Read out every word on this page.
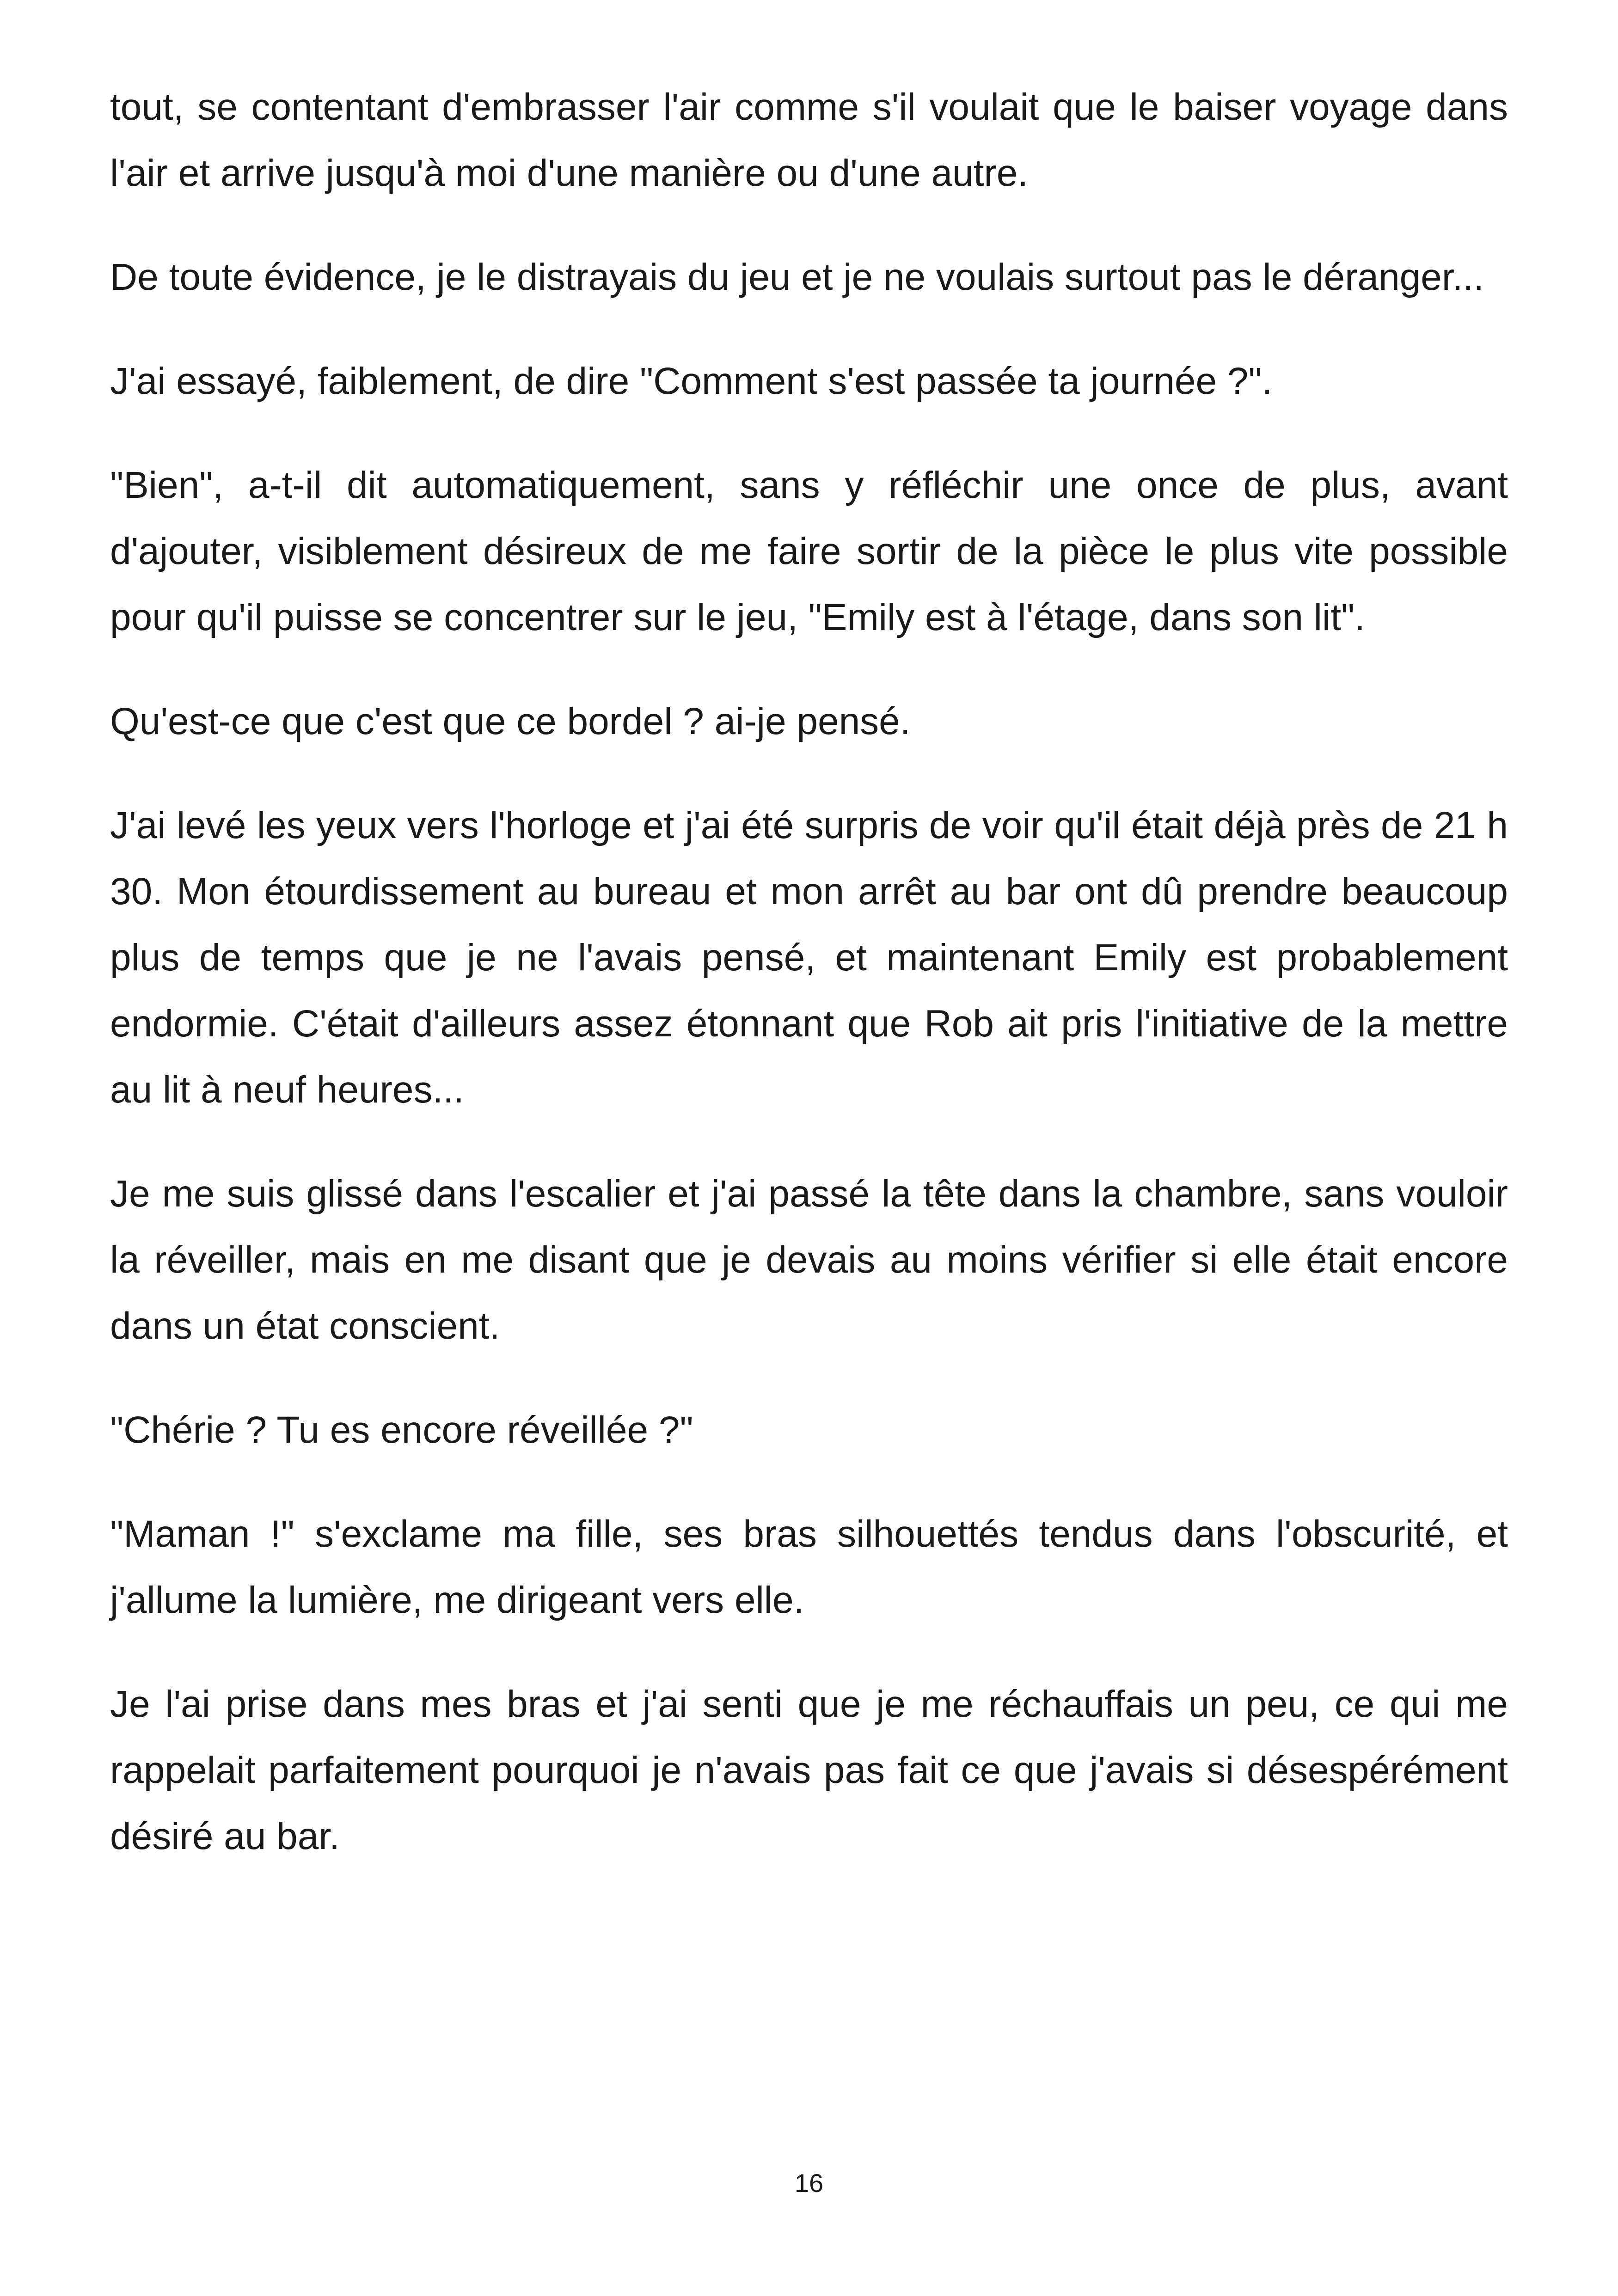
tout, se contentant d'embrasser l'air comme s'il voulait que le baiser voyage dans l'air et arrive jusqu'à moi d'une manière ou d'une autre.

De toute évidence, je le distrayais du jeu et je ne voulais surtout pas le déranger...

J'ai essayé, faiblement, de dire "Comment s'est passée ta journée ?".

"Bien", a-t-il dit automatiquement, sans y réfléchir une once de plus, avant d'ajouter, visiblement désireux de me faire sortir de la pièce le plus vite possible pour qu'il puisse se concentrer sur le jeu, "Emily est à l'étage, dans son lit".

Qu'est-ce que c'est que ce bordel ? ai-je pensé.

J'ai levé les yeux vers l'horloge et j'ai été surpris de voir qu'il était déjà près de 21 h 30. Mon étourdissement au bureau et mon arrêt au bar ont dû prendre beaucoup plus de temps que je ne l'avais pensé, et maintenant Emily est probablement endormie. C'était d'ailleurs assez étonnant que Rob ait pris l'initiative de la mettre au lit à neuf heures...

Je me suis glissé dans l'escalier et j'ai passé la tête dans la chambre, sans vouloir la réveiller, mais en me disant que je devais au moins vérifier si elle était encore dans un état conscient.

"Chérie ? Tu es encore réveillée ?"

"Maman !" s'exclame ma fille, ses bras silhouettés tendus dans l'obscurité, et j'allume la lumière, me dirigeant vers elle.

Je l'ai prise dans mes bras et j'ai senti que je me réchauffais un peu, ce qui me rappelait parfaitement pourquoi je n'avais pas fait ce que j'avais si désespérément désiré au bar.

16
